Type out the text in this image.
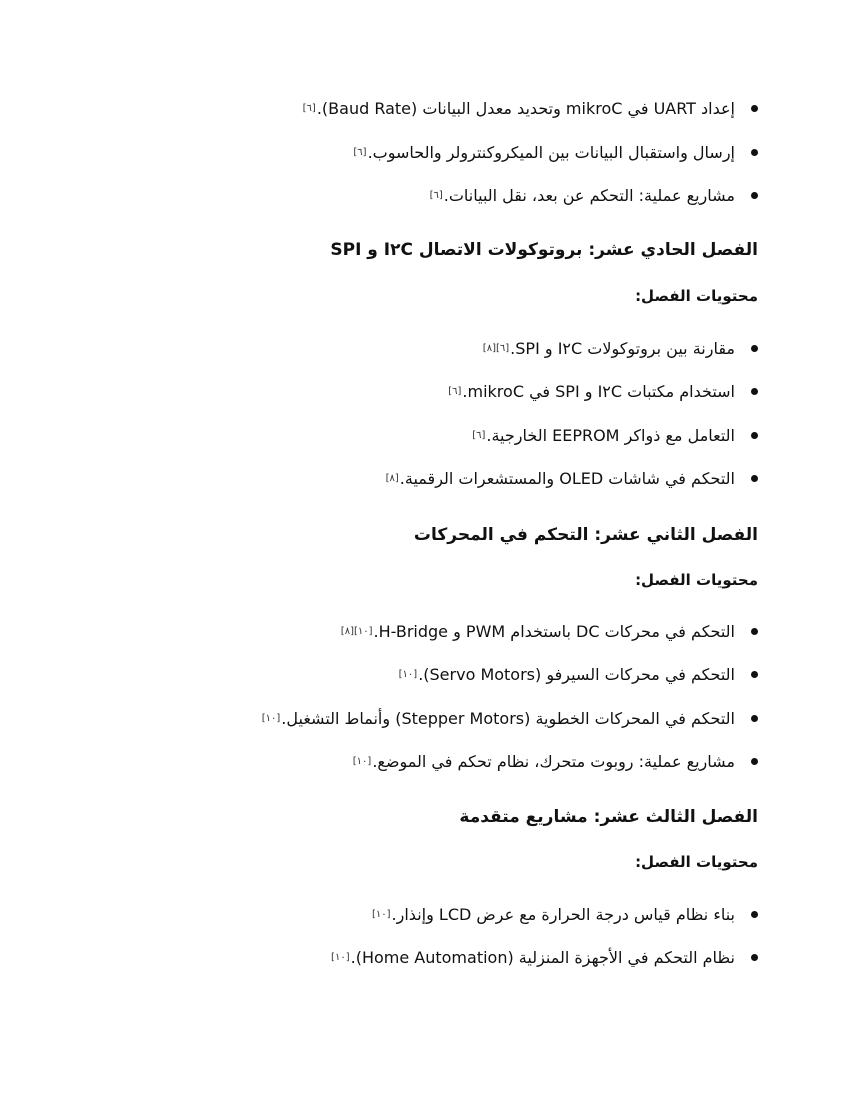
إعداد UART في mikroC وتحديد معدل البيانات (Baud Rate).
[٦]
إرسال واستقبال البيانات بين الميكروكنترولر والحاسوب.
[٦]
مشاريع عملية: التحكم عن بعد، نقل البيانات.
[٦]
الفصل الحادي عشر: بروتوكولات الاتصال I٢C و SPI
محتويات الفصل:
مقارنة بين بروتوكولات I٢C و SPI.
[٦][٨]
استخدام مكتبات I٢C و SPI في mikroC.
[٦]
التعامل مع ذواكر EEPROM الخارجية.
[٦]
التحكم في شاشات OLED والمستشعرات الرقمية.
[٨]
الفصل الثاني عشر: التحكم في المحركات
محتويات الفصل:
التحكم في محركات DC باستخدام PWM و H-Bridge.
[١٠][٨]
التحكم في محركات السيرفو (Servo Motors).
[١٠]
التحكم في المحركات الخطوية (Stepper Motors) وأنماط التشغيل.
[١٠]
مشاريع عملية: روبوت متحرك، نظام تحكم في الموضع.
[١٠]
الفصل الثالث عشر: مشاريع متقدمة
محتويات الفصل:
بناء نظام قياس درجة الحرارة مع عرض LCD وإنذار.
[١٠]
نظام التحكم في الأجهزة المنزلية (Home Automation).
[١٠]
